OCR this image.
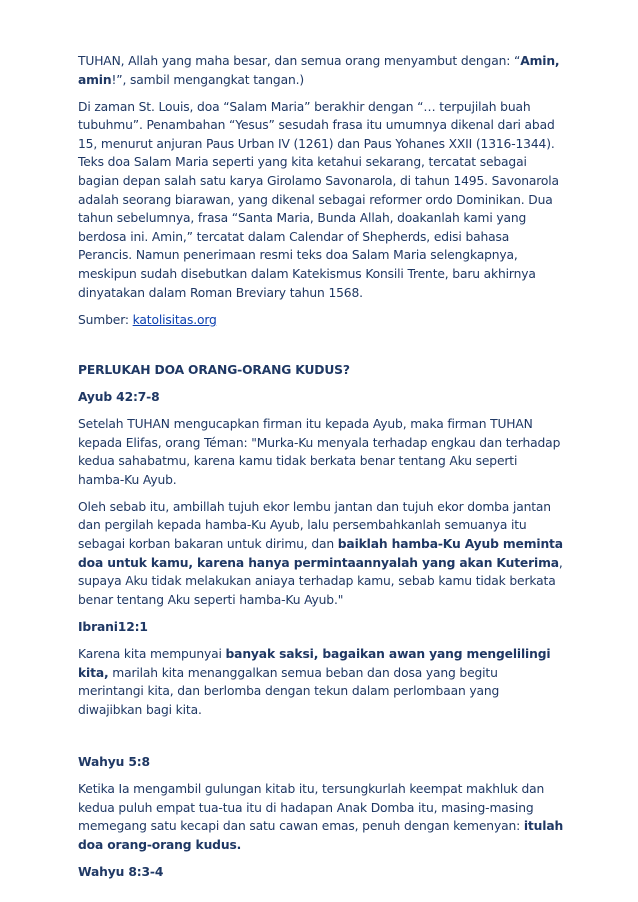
TUHAN, Allah yang maha besar, dan semua orang menyambut dengan: “Amin, amin!”, sambil mengangkat tangan.)

Di zaman St. Louis, doa “Salam Maria” berakhir dengan “… terpujilah buah tubuhmu”. Penambahan “Yesus” sesudah frasa itu umumnya dikenal dari abad 15, menurut anjuran Paus Urban IV (1261) dan Paus Yohanes XXII (1316-1344). Teks doa Salam Maria seperti yang kita ketahui sekarang, tercatat sebagai bagian depan salah satu karya Girolamo Savonarola, di tahun 1495. Savonarola adalah seorang biarawan, yang dikenal sebagai reformer ordo Dominikan. Dua tahun sebelumnya, frasa “Santa Maria, Bunda Allah, doakanlah kami yang berdosa ini. Amin,” tercatat dalam Calendar of Shepherds, edisi bahasa Perancis. Namun penerimaan resmi teks doa Salam Maria selengkapnya, meskipun sudah disebutkan dalam Katekismus Konsili Trente, baru akhirnya dinyatakan dalam Roman Breviary tahun 1568.

Sumber: katolisitas.org

PERLUKAH DOA ORANG-ORANG KUDUS?

Ayub 42:7-8

Setelah TUHAN mengucapkan firman itu kepada Ayub, maka firman TUHAN kepada Elifas, orang Téman: "Murka-Ku menyala terhadap engkau dan terhadap kedua sahabatmu, karena kamu tidak berkata benar tentang Aku seperti hamba-Ku Ayub.

Oleh sebab itu, ambillah tujuh ekor lembu jantan dan tujuh ekor domba jantan dan pergilah kepada hamba-Ku Ayub, lalu persembahkanlah semuanya itu sebagai korban bakaran untuk dirimu, dan baiklah hamba-Ku Ayub meminta doa untuk kamu, karena hanya permintaannyalah yang akan Kuterima, supaya Aku tidak melakukan aniaya terhadap kamu, sebab kamu tidak berkata benar tentang Aku seperti hamba-Ku Ayub."

Ibrani12:1

Karena kita mempunyai banyak saksi, bagaikan awan yang mengelilingi kita, marilah kita menanggalkan semua beban dan dosa yang begitu merintangi kita, dan berlomba dengan tekun dalam perlombaan yang diwajibkan bagi kita.

Wahyu 5:8

Ketika Ia mengambil gulungan kitab itu, tersungkurlah keempat makhluk dan kedua puluh empat tua-tua itu di hadapan Anak Domba itu, masing-masing memegang satu kecapi dan satu cawan emas, penuh dengan kemenyan: itulah doa orang-orang kudus.

Wahyu 8:3-4
